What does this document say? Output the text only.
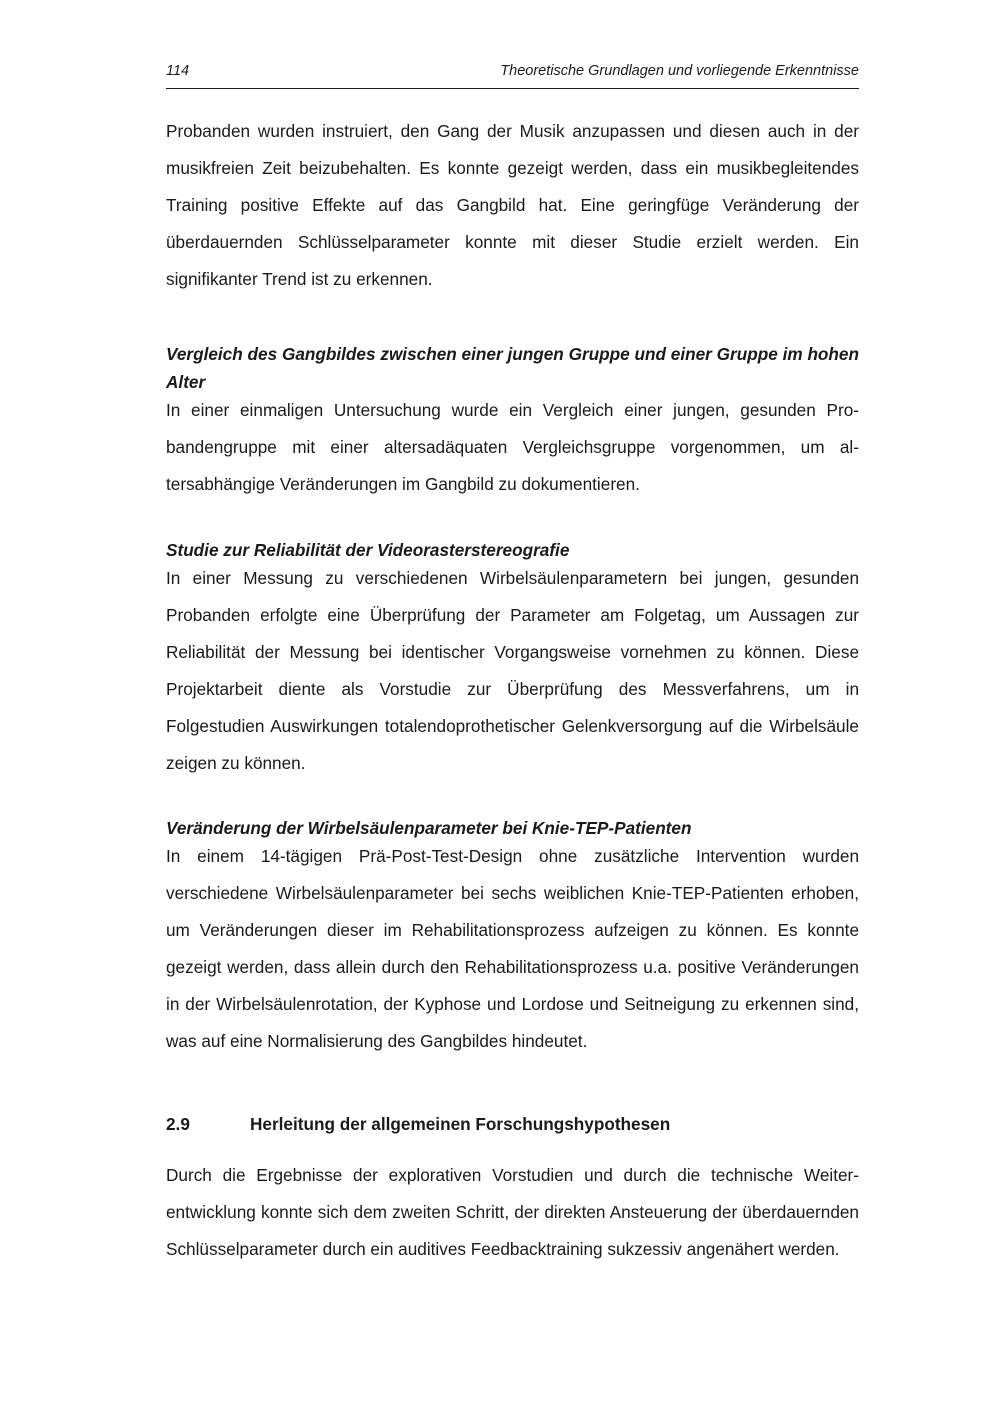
114	Theoretische Grundlagen und vorliegende Erkenntnisse

Probanden wurden instruiert, den Gang der Musik anzupassen und diesen auch in der musikfreien Zeit beizubehalten. Es konnte gezeigt werden, dass ein musikbegleitendes Training positive Effekte auf das Gangbild hat. Eine geringfüge Veränderung der überdauernden Schlüsselparameter konnte mit dieser Studie erzielt werden. Ein signifikanter Trend ist zu erkennen.

Vergleich des Gangbildes zwischen einer jungen Gruppe und einer Gruppe im hohen Alter

In einer einmaligen Untersuchung wurde ein Vergleich einer jungen, gesunden Probandengruppe mit einer altersadäquaten Vergleichsgruppe vorgenommen, um altersabhängige Veränderungen im Gangbild zu dokumentieren.

Studie zur Reliabilität der Videorasterstereografie

In einer Messung zu verschiedenen Wirbelsäulenparametern bei jungen, gesunden Probanden erfolgte eine Überprüfung der Parameter am Folgetag, um Aussagen zur Reliabilität der Messung bei identischer Vorgangsweise vornehmen zu können. Diese Projektarbeit diente als Vorstudie zur Überprüfung des Messverfahrens, um in Folgestudien Auswirkungen totalendoprothetischer Gelenkversorgung auf die Wirbelsäule zeigen zu können.

Veränderung der Wirbelsäulenparameter bei Knie-TEP-Patienten

In einem 14-tägigen Prä-Post-Test-Design ohne zusätzliche Intervention wurden verschiedene Wirbelsäulenparameter bei sechs weiblichen Knie-TEP-Patienten erhoben, um Veränderungen dieser im Rehabilitationsprozess aufzeigen zu können. Es konnte gezeigt werden, dass allein durch den Rehabilitationsprozess u.a. positive Veränderungen in der Wirbelsäulenrotation, der Kyphose und Lordose und Seitneigung zu erkennen sind, was auf eine Normalisierung des Gangbildes hindeutet.

2.9	Herleitung der allgemeinen Forschungshypothesen

Durch die Ergebnisse der explorativen Vorstudien und durch die technische Weiterentwicklung konnte sich dem zweiten Schritt, der direkten Ansteuerung der überdauernden Schlüsselparameter durch ein auditives Feedbacktraining sukzessiv angenähert werden.
